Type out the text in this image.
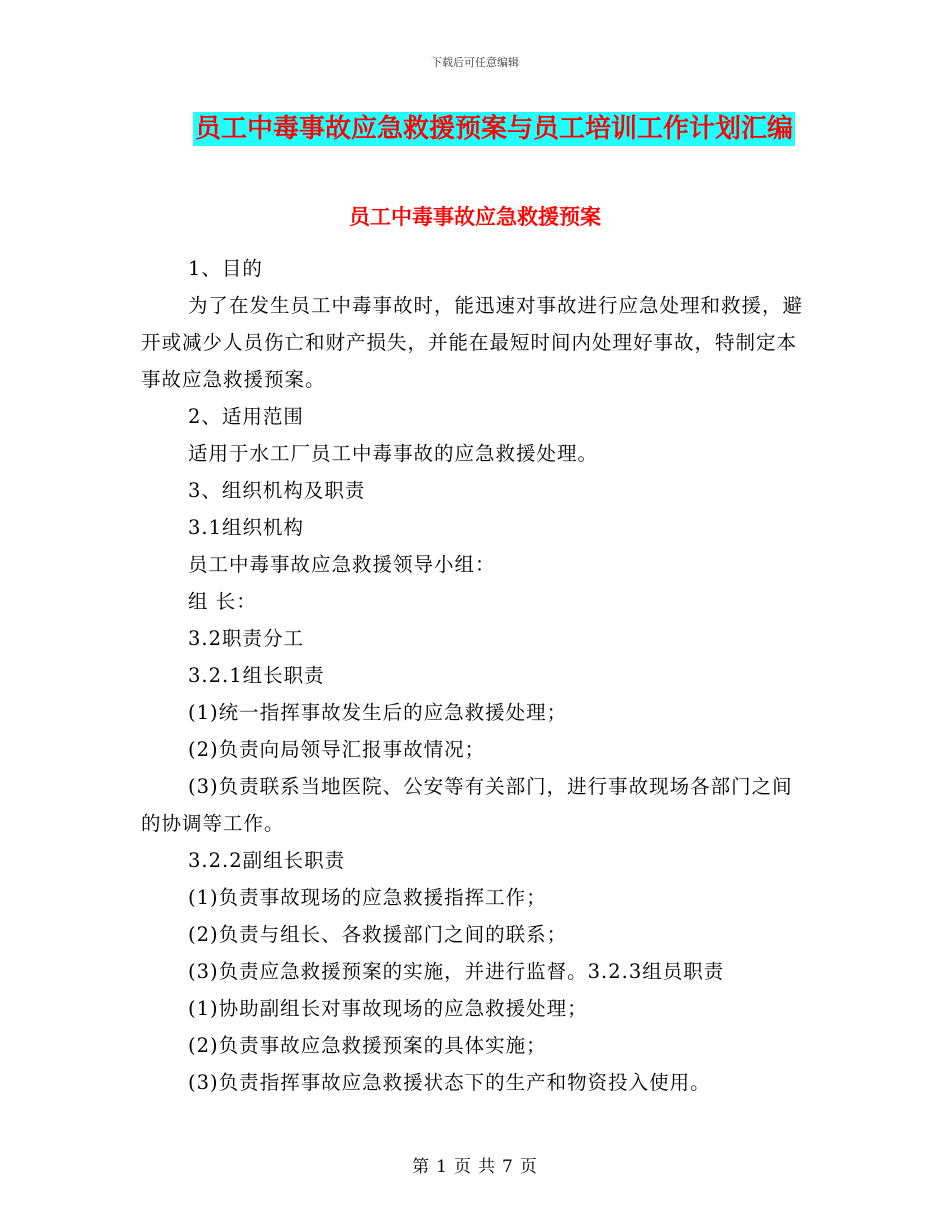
下载后可任意编辑
员工中毒事故应急救援预案与员工培训工作计划汇编
员工中毒事故应急救援预案

1、目的

为了在发生员工中毒事故时，能迅速对事故进行应急处理和救援，避开或减少人员伤亡和财产损失，并能在最短时间内处理好事故，特制定本事故应急救援预案。

2、适用范围

适用于水工厂员工中毒事故的应急救援处理。

3、组织机构及职责

3.1组织机构

员工中毒事故应急救援领导小组：

组 长：

3.2职责分工

3.2.1组长职责

(1)统一指挥事故发生后的应急救援处理；

(2)负责向局领导汇报事故情况；

(3)负责联系当地医院、公安等有关部门，进行事故现场各部门之间的协调等工作。

3.2.2副组长职责

(1)负责事故现场的应急救援指挥工作；

(2)负责与组长、各救援部门之间的联系；

(3)负责应急救援预案的实施，并进行监督。3.2.3组员职责

(1)协助副组长对事故现场的应急救援处理；

(2)负责事故应急救援预案的具体实施；

(3)负责指挥事故应急救援状态下的生产和物资投入使用。

第 1 页 共 7 页
